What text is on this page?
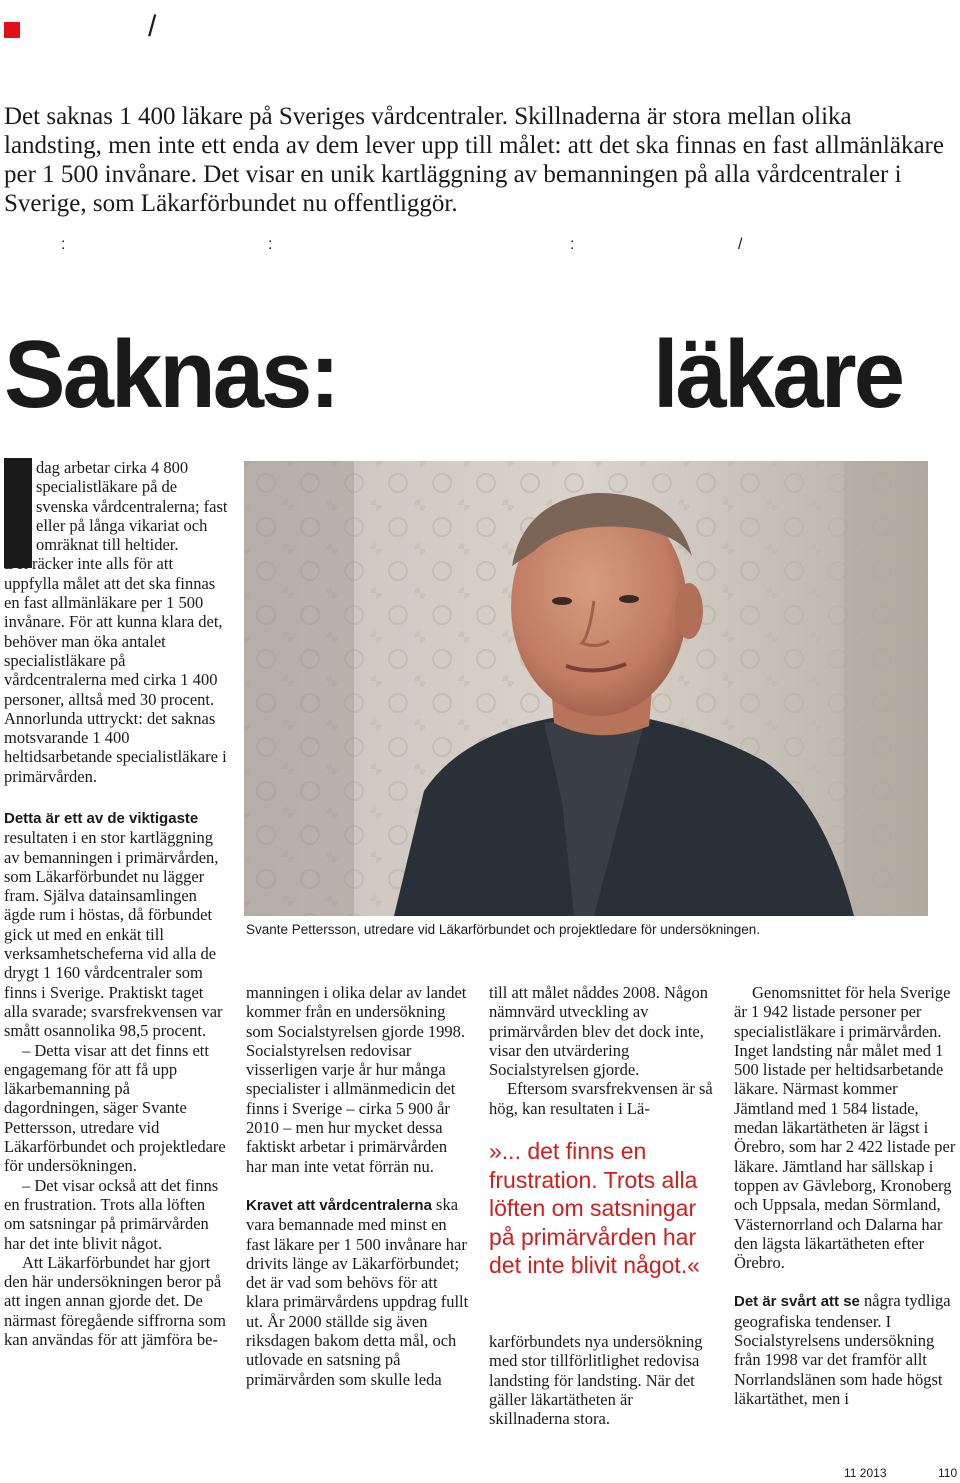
/
Det saknas 1 400 läkare på Sveriges vårdcentraler. Skillnaderna är stora mellan olika landsting, men inte ett enda av dem lever upp till målet: att det ska finnas en fast allmänläkare per 1 500 invånare. Det visar en unik kartläggning av bemanningen på alla vårdcentraler i Sverige, som Läkarförbundet nu offentliggör.
:	:	:	/
Saknas:	läkare

dag arbetar cirka 4 800 specialistläkare på de svenska vårdcentralerna; fast eller på långa vikariat och omräknat till heltider.

Det räcker inte alls för att uppfylla målet att det ska finnas en fast allmänläkare per 1 500 invånare. För att kunna klara det, behöver man öka antalet specialistläkare på vårdcentralerna med cirka 1 400 personer, alltså med 30 procent. Annorlunda uttryckt: det saknas motsvarande 1 400 heltidsarbetande specialistläkare i primärvården.

Detta är ett av de viktigaste resultaten i en stor kartläggning av bemanningen i primärvården, som Läkarförbundet nu lägger fram. Själva datainsamlingen ägde rum i höstas, då förbundet gick ut med en enkät till verksamhetscheferna vid alla de drygt 1 160 vårdcentraler som finns i Sverige. Praktiskt taget alla svarade; svarsfrekvensen var smått osannolika 98,5 procent.

– Detta visar att det finns ett engagemang för att få upp läkarbemanning på dagordningen, säger Svante Pettersson, utredare vid Läkarförbundet och projektledare för undersökningen.

– Det visar också att det finns en frustration. Trots alla löften om satsningar på primärvården har det inte blivit något.

Att Läkarförbundet har gjort den här undersökningen beror på att ingen annan gjorde det. De närmast föregående siffrorna som kan användas för att jämföra be-

Svante Pettersson, utredare vid Läkarförbundet och projektledare för undersökningen.

manningen i olika delar av landet kommer från en undersökning som Socialstyrelsen gjorde 1998. Socialstyrelsen redovisar visserligen varje år hur många specialister i allmänmedicin det finns i Sverige – cirka 5 900 år 2010 – men hur mycket dessa faktiskt arbetar i primärvården har man inte vetat förrän nu.

Kravet att vårdcentralerna ska vara bemannade med minst en fast läkare per 1 500 invånare har drivits länge av Läkarförbundet; det är vad som behövs för att klara primärvårdens uppdrag fullt ut. År 2000 ställde sig även riksdagen bakom detta mål, och utlovade en satsning på primärvården som skulle leda

till att målet nåddes 2008. Någon nämnvärd utveckling av primärvården blev det dock inte, visar den utvärdering Socialstyrelsen gjorde.

Eftersom svarsfrekvensen är så hög, kan resultaten i Lä-

»... det finns en frustration. Trots alla löften om satsningar på primärvården har det inte blivit något.«

karförbundets nya undersökning med stor tillförlitlighet redovisa landsting för landsting. När det gäller läkartätheten är skillnaderna stora.

Genomsnittet för hela Sverige är 1 942 listade personer per specialistläkare i primärvården. Inget landsting når målet med 1 500 listade per heltidsarbetande läkare. Närmast kommer Jämtland med 1 584 listade, medan läkartätheten är lägst i Örebro, som har 2 422 listade per läkare. Jämtland har sällskap i toppen av Gävleborg, Kronoberg och Uppsala, medan Sörmland, Västernorrland och Dalarna har den lägsta läkartätheten efter Örebro.

Det är svårt att se några tydliga geografiska tendenser. I Socialstyrelsens undersökning från 1998 var det framför allt Norrlandslänen som hade högst läkartäthet, men i

11 2013	110
